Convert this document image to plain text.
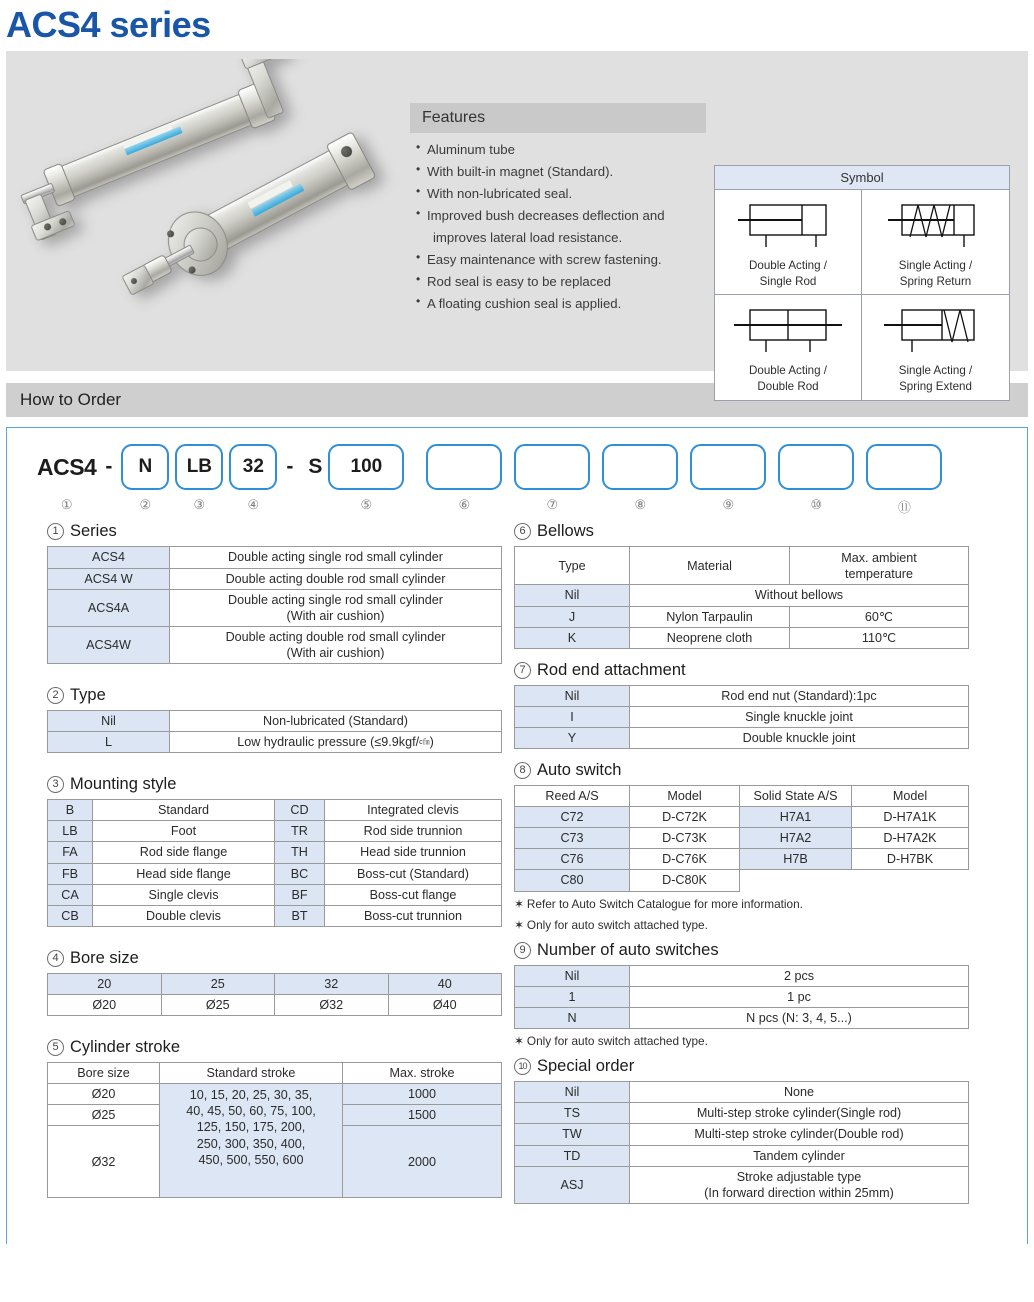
ACS4 series
Features
• Aluminum tube
• With built-in magnet (Standard).
• With non-lubricated seal.
• Improved bush decreases deflection and
improves lateral load resistance.
• Easy maintenance with screw fastening.
• Rod seal is easy to be replaced
• A floating cushion seal is applied.
Symbol
Double Acting /
Single Rod
Single Acting /
Spring Return
Double Acting /
Double Rod
Single Acting /
Spring Extend
How to Order
ACS4
①
-	N
②
LB
③
32
④
- S	100
⑤	⑥	⑦	⑧	⑨	⑩	⑪
1 Series
ACS4	Double acting single rod small cylinder
ACS4 W	Double acting double rod small cylinder
ACS4A	Double acting single rod small cylinder
(With air cushion)

ACS4W	Double acting double rod small cylinder
(With air cushion)
2 Type
Nil	Non-lubricated (Standard)
L	Low hydraulic pressure (≤9.9kgf/c㎙)
3 Mounting style
B	Standard	CD	Integrated clevis
LB	Foot	TR	Rod side trunnion
FA	Rod side flange	TH	Head side trunnion
FB	Head side flange	BC	Boss-cut (Standard)
CA	Single clevis	BF	Boss-cut flange
CB	Double clevis	BT	Boss-cut trunnion
4 Bore size
20	25	32	40
Ø20	Ø25	Ø32	Ø40
5 Cylinder stroke
Bore size	Standard stroke	Max. stroke
Ø20	10, 15, 20, 25, 30, 35,
40, 45, 50, 60, 75, 100,
125, 150, 175, 200,
250, 300, 350, 400,
450, 500, 550, 600	1000
Ø25		1500
Ø32		2000
6 Bellows
Type	Material	Max. ambient
temperature

Nil	Without bellows	
J	Nylon Tarpaulin	60℃
K	Neoprene cloth	110℃
7 Rod end attachment
Nil	Rod end nut (Standard):1pc
I	Single knuckle joint
Y	Double knuckle joint
8 Auto switch
Reed A/S	Model	Solid State A/S	Model
C72	D-C72K	H7A1	D-H7A1K
C73	D-C73K	H7A2	D-H7A2K
C76	D-C76K	H7B	D-H7BK
C80	D-C80K		
✶ Refer to Auto Switch Catalogue for more information.
✶ Only for auto switch attached type.
9 Number of auto switches
Nil	2 pcs
1	1 pc
N	N pcs (N: 3, 4, 5...)
✶ Only for auto switch attached type.
10 Special order
Nil	None
TS	Multi-step stroke cylinder(Single rod)
TW	Multi-step stroke cylinder(Double rod)
TD	Tandem cylinder
ASJ	Stroke adjustable type
(In forward direction within 25mm)
